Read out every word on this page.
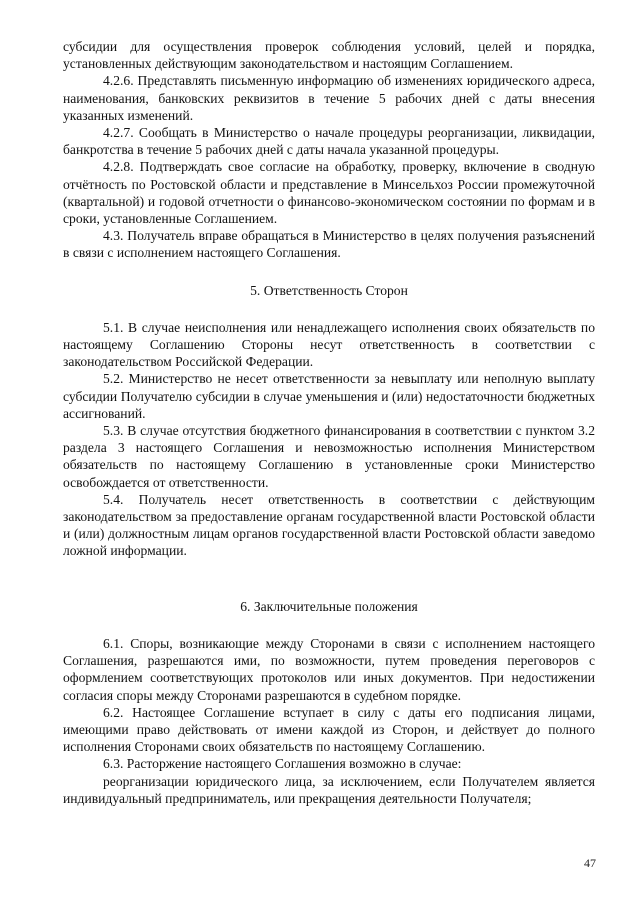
субсидии для осуществления проверок соблюдения условий, целей и порядка, установленных действующим законодательством и настоящим Соглашением.

4.2.6. Представлять письменную информацию об изменениях юридического адреса, наименования, банковских реквизитов в течение 5 рабочих дней с даты внесения указанных изменений.

4.2.7. Сообщать в Министерство о начале процедуры реорганизации, ликвидации, банкротства в течение 5 рабочих дней с даты начала указанной процедуры.

4.2.8. Подтверждать свое согласие на обработку, проверку, включение в сводную отчётность по Ростовской области и представление в Минсельхоз России промежуточной (квартальной) и годовой отчетности о финансово-экономическом состоянии по формам и в сроки, установленные Соглашением.

4.3. Получатель вправе обращаться в Министерство в целях получения разъяснений в связи с исполнением настоящего Соглашения.

5. Ответственность Сторон

5.1. В случае неисполнения или ненадлежащего исполнения своих обязательств по настоящему Соглашению Стороны несут ответственность в соответствии с законодательством Российской Федерации.

5.2. Министерство не несет ответственности за невыплату или неполную выплату субсидии Получателю субсидии в случае уменьшения и (или) недостаточности бюджетных ассигнований.

5.3. В случае отсутствия бюджетного финансирования в соответствии с пунктом 3.2 раздела 3 настоящего Соглашения и невозможностью исполнения Министерством обязательств по настоящему Соглашению в установленные сроки Министерство освобождается от ответственности.

5.4. Получатель несет ответственность в соответствии с действующим законодательством за предоставление органам государственной власти Ростовской области и (или) должностным лицам органов государственной власти Ростовской области заведомо ложной информации.

6. Заключительные положения

6.1. Споры, возникающие между Сторонами в связи с исполнением настоящего Соглашения, разрешаются ими, по возможности, путем проведения переговоров с оформлением соответствующих протоколов или иных документов. При недостижении согласия споры между Сторонами разрешаются в судебном порядке.

6.2. Настоящее Соглашение вступает в силу с даты его подписания лицами, имеющими право действовать от имени каждой из Сторон, и действует до полного исполнения Сторонами своих обязательств по настоящему Соглашению.

6.3. Расторжение настоящего Соглашения возможно в случае:

реорганизации юридического лица, за исключением, если Получателем является индивидуальный предприниматель, или прекращения деятельности Получателя;

47
